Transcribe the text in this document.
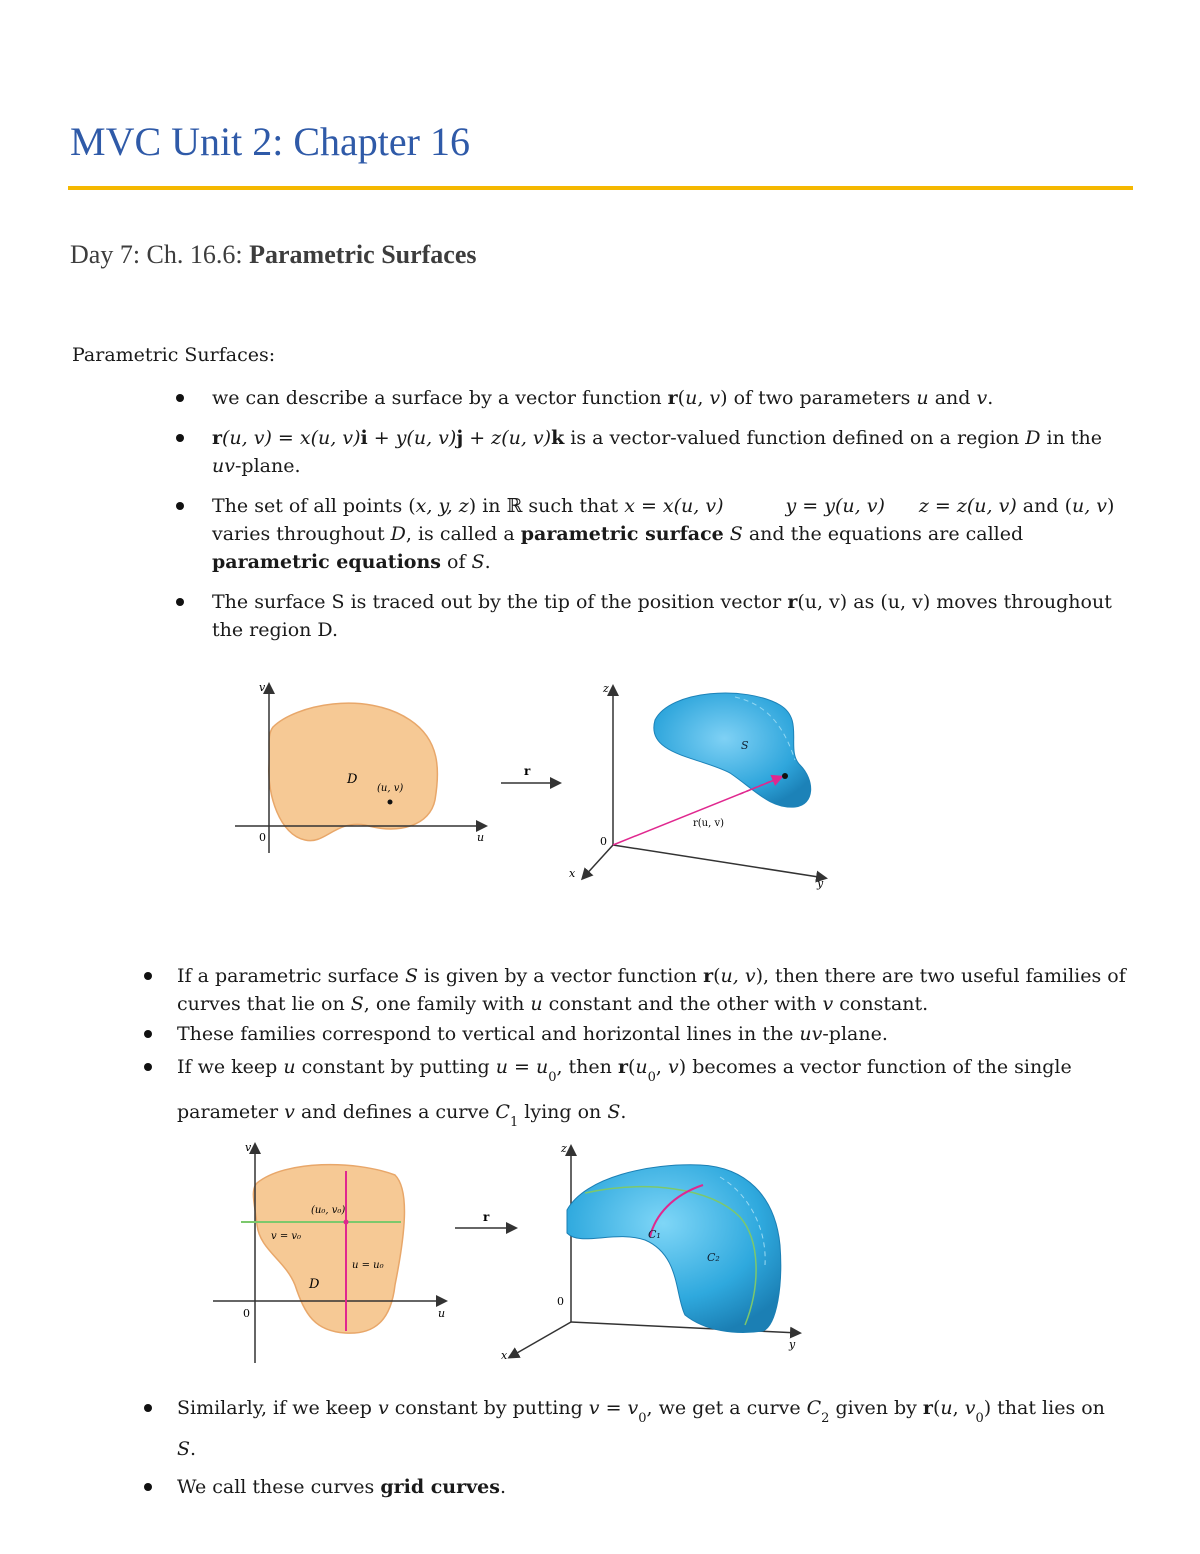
MVC Unit 2: Chapter 16
Day 7: Ch. 16.6: Parametric Surfaces
Parametric Surfaces:
we can describe a surface by a vector function r(u, v) of two parameters u and v.
r(u, v) = x(u, v)i + y(u, v)j + z(u, v)k is a vector-valued function defined on a region D in the uv-plane.
The set of all points (x, y, z) in ℝ such that x = x(u, v)	y = y(u, v) z = z(u, v) and (u, v)
varies throughout D, is called a parametric surface S and the equations are called parametric equations of S.
The surface S is traced out by the tip of the position vector r(u, v) as (u, v) moves throughout the region D.
v
u
0
D
(u, v)
r
z
y
x
0
S
r(u, v)
If a parametric surface S is given by a vector function r(u, v), then there are two useful families of curves that lie on S, one family with u constant and the other with v constant.
These families correspond to vertical and horizontal lines in the uv-plane.
If we keep u constant by putting $u = u_0$, then $r(u_0$, v) becomes a vector function of the single parameter v and defines a curve $C_1$ lying on S.
v
u
0
D
(u₀, v₀)
v = v₀
u = u₀
r
z
y
x
0
C₁
C₂
Similarly, if we keep v constant by putting $v = v_0$, we get a curve $C_2$ given by r(u, $v_0$) that lies on S.
We call these curves grid curves.
